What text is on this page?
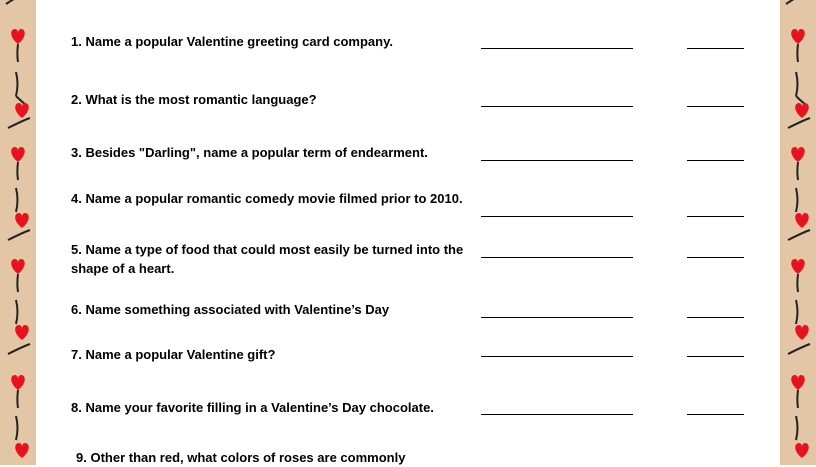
1. Name a popular Valentine greeting card company.
2. What is the most romantic language?
3. Besides "Darling", name a popular term of endearment.
4. Name a popular romantic comedy movie filmed prior to 2010.
5. Name a type of food that could most easily be turned into the shape of a heart.
6. Name something associated with Valentine’s Day
7. Name a popular Valentine gift?
8. Name your favorite filling in a Valentine’s Day chocolate.
9. Other than red, what colors of roses are commonly
